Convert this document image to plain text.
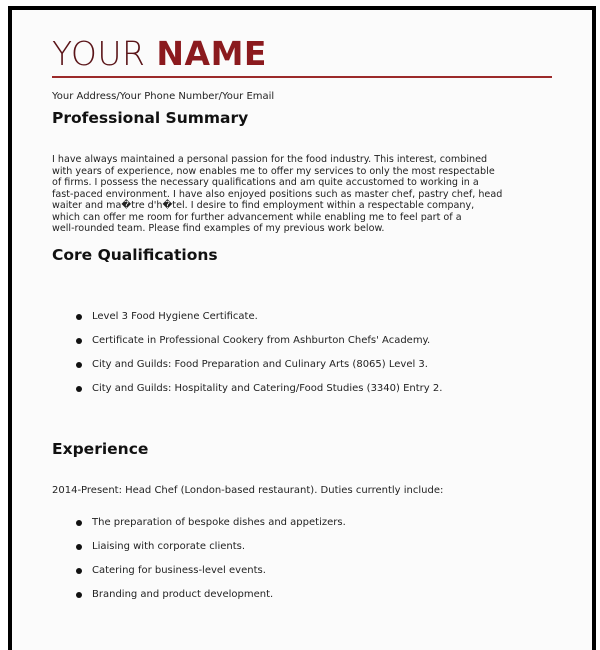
YOUR NAME
Your Address/Your Phone Number/Your Email
Professional Summary
I have always maintained a personal passion for the food industry. This interest, combined
with years of experience, now enables me to offer my services to only the most respectable
of firms. I possess the necessary qualifications and am quite accustomed to working in a
fast-paced environment. I have also enjoyed positions such as master chef, pastry chef, head
waiter and ma�tre d'h�tel. I desire to find employment within a respectable company,
which can offer me room for further advancement while enabling me to feel part of a
well-rounded team. Please find examples of my previous work below.
Core Qualifications
Level 3 Food Hygiene Certificate.
Certificate in Professional Cookery from Ashburton Chefs' Academy.
City and Guilds: Food Preparation and Culinary Arts (8065) Level 3.
City and Guilds: Hospitality and Catering/Food Studies (3340) Entry 2.
Experience
2014-Present: Head Chef (London-based restaurant). Duties currently include:
The preparation of bespoke dishes and appetizers.
Liaising with corporate clients.
Catering for business-level events.
Branding and product development.
